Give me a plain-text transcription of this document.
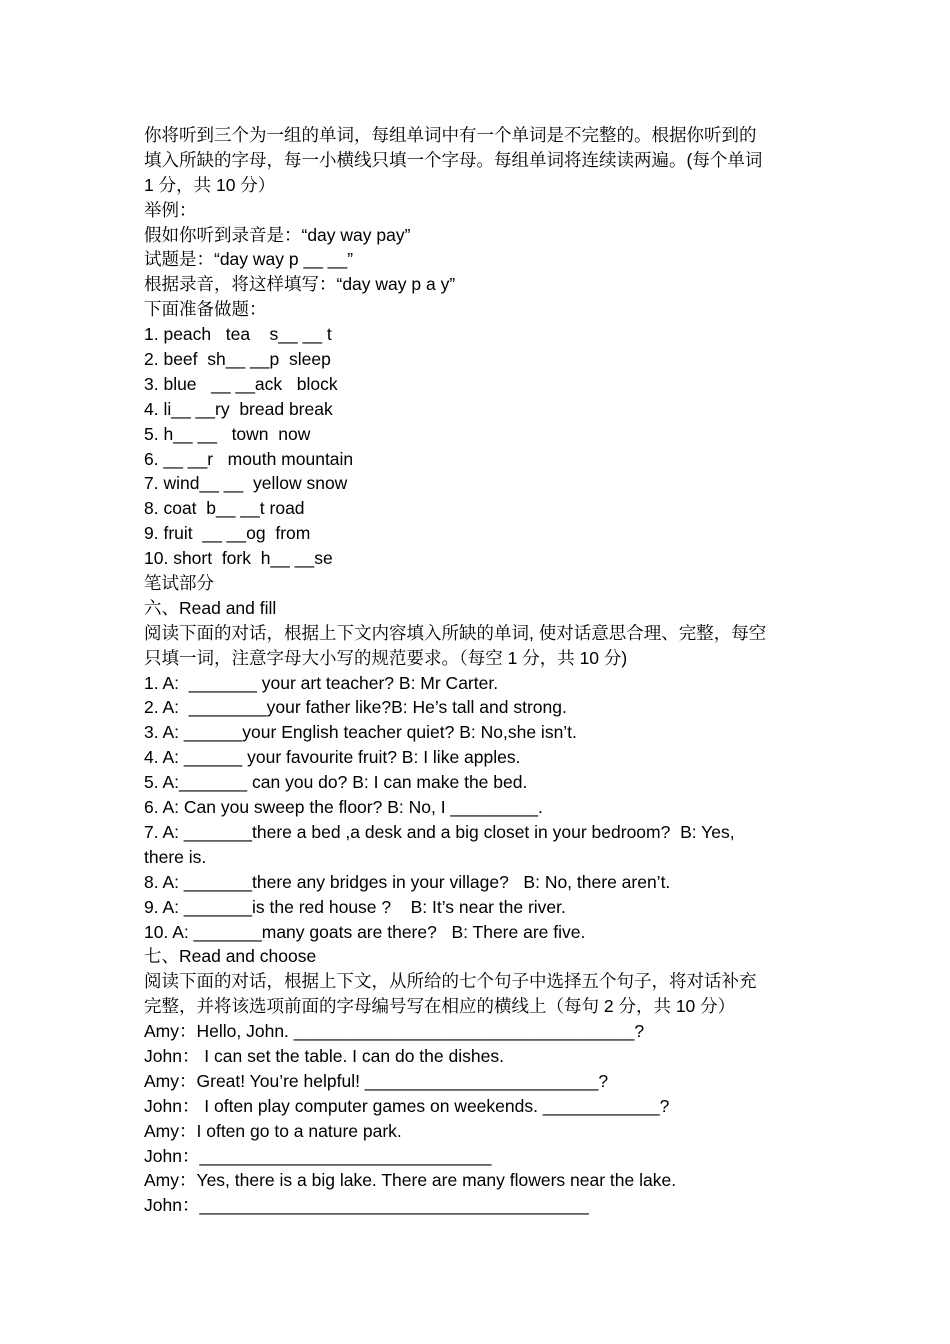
你将听到三个为一组的单词，每组单词中有一个单词是不完整的。根据你听到的
填入所缺的字母，每一小横线只填一个字母。每组单词将连续读两遍。(每个单词
1 分，共 10 分）
举例：
假如你听到录音是：“day way pay”
试题是：“day way p __ __”
根据录音，将这样填写：“day way p a y”
下面准备做题：
1. peach   tea    s__ __ t
2. beef  sh__ __p  sleep
3. blue   __ __ack   block
4. li__ __ry  bread break
5. h__ __   town  now
6. __ __r   mouth mountain
7. wind__ __  yellow snow
8. coat  b__ __t road
9. fruit  __ __og  from
10. short  fork  h__ __se
笔试部分
六、Read and fill
阅读下面的对话，根据上下文内容填入所缺的单词, 使对话意思合理、完整，每空
只填一词，注意字母大小写的规范要求。（每空 1 分，共 10 分)
1. A:  _______ your art teacher? B: Mr Carter.
2. A:  ________your father like?B: He’s tall and strong.
3. A: ______your English teacher quiet? B: No,she isn’t.
4. A: ______ your favourite fruit? B: I like apples.
5. A:_______ can you do? B: I can make the bed.
6. A: Can you sweep the floor? B: No, I _________.
7. A: _______there a bed ,a desk and a big closet in your bedroom?  B: Yes,
there is.
8. A: _______there any bridges in your village?   B: No, there aren’t.
9. A: _______is the red house ?    B: It’s near the river.
10. A: _______many goats are there?   B: There are five.
七、Read and choose
阅读下面的对话，根据上下文，从所给的七个句子中选择五个句子，将对话补充
完整，并将该选项前面的字母编号写在相应的横线上（每句 2 分，共 10 分）
Amy：Hello, John. ___________________________________?
John： I can set the table. I can do the dishes.
Amy：Great! You’re helpful! ________________________?
John： I often play computer games on weekends. ____________?
Amy：I often go to a nature park.
John：______________________________
Amy：Yes, there is a big lake. There are many flowers near the lake.
John：________________________________________
